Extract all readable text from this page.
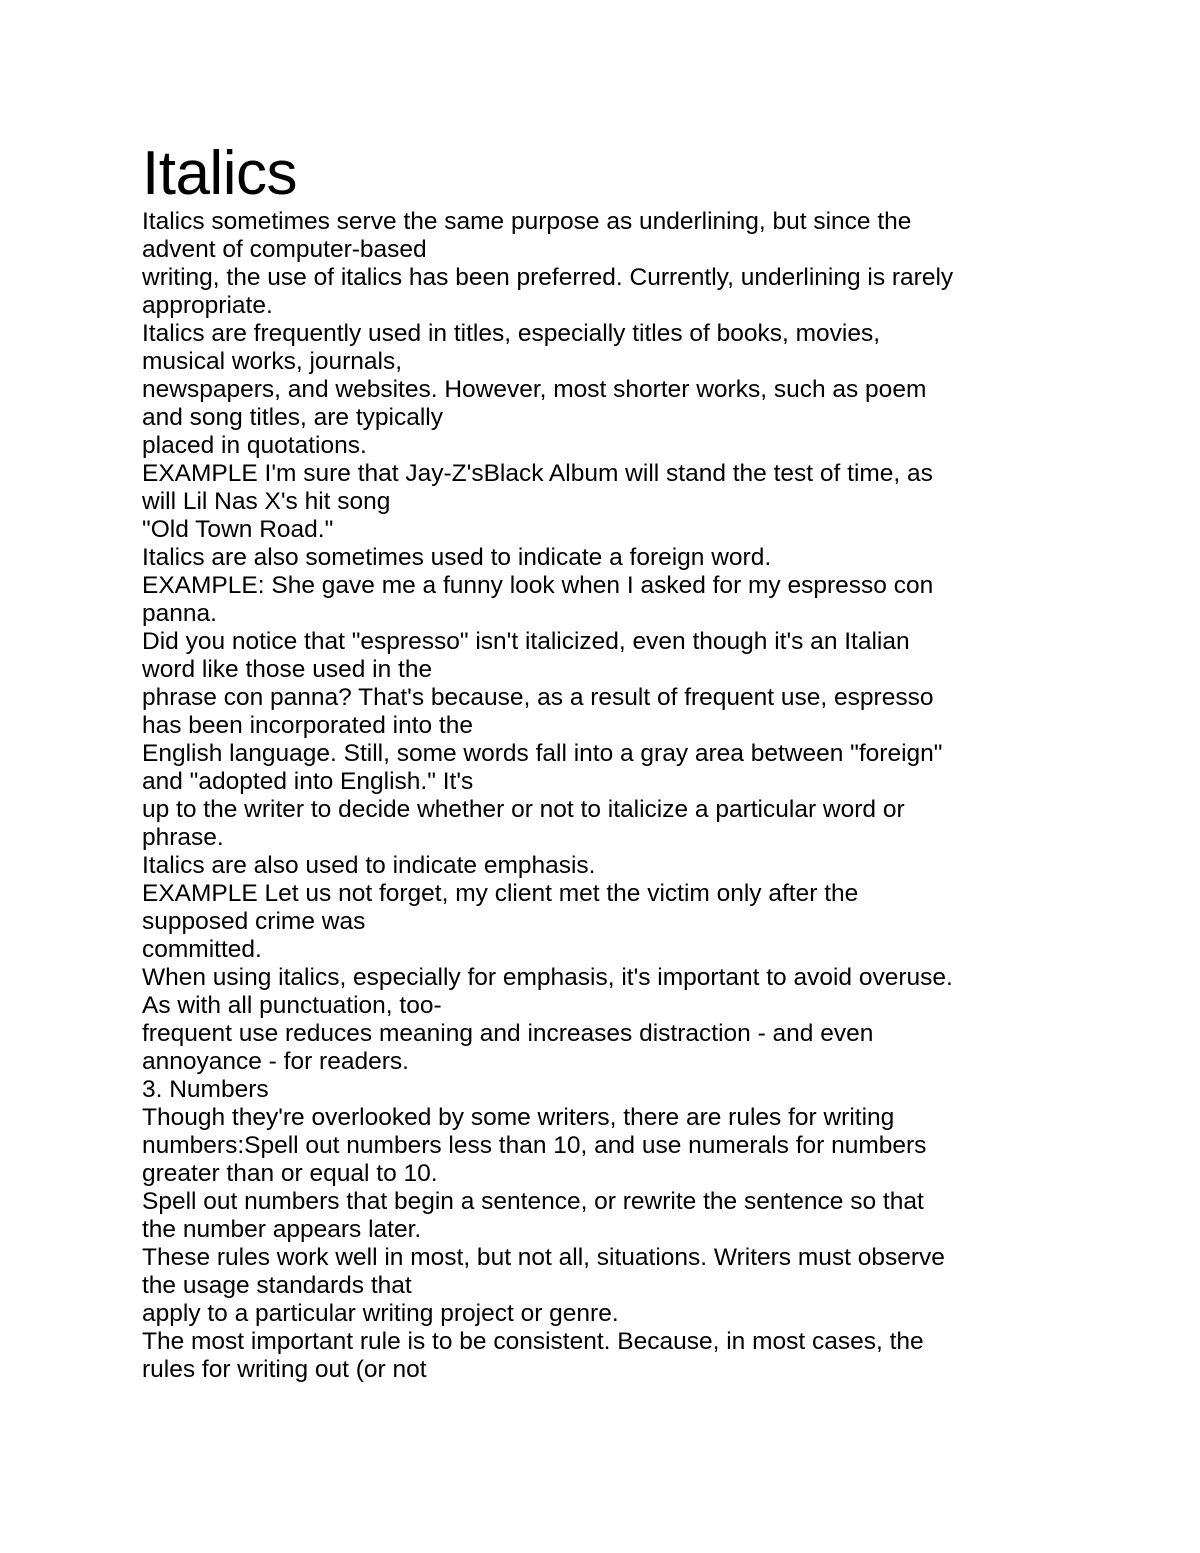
Italics
Italics sometimes serve the same purpose as underlining, but since the
advent of computer-based
writing, the use of italics has been preferred. Currently, underlining is rarely
appropriate.
Italics are frequently used in titles, especially titles of books, movies,
musical works, journals,
newspapers, and websites. However, most shorter works, such as poem
and song titles, are typically
placed in quotations.
EXAMPLE I'm sure that Jay-Z'sBlack Album will stand the test of time, as
will Lil Nas X's hit song
"Old Town Road."
Italics are also sometimes used to indicate a foreign word.
EXAMPLE: She gave me a funny look when I asked for my espresso con
panna.
Did you notice that "espresso" isn't italicized, even though it's an Italian
word like those used in the
phrase con panna? That's because, as a result of frequent use, espresso
has been incorporated into the
English language. Still, some words fall into a gray area between "foreign"
and "adopted into English." It's
up to the writer to decide whether or not to italicize a particular word or
phrase.
Italics are also used to indicate emphasis.
EXAMPLE Let us not forget, my client met the victim only after the
supposed crime was
committed.
When using italics, especially for emphasis, it's important to avoid overuse.
As with all punctuation, too-
frequent use reduces meaning and increases distraction - and even
annoyance - for readers.
3. Numbers
Though they're overlooked by some writers, there are rules for writing
numbers:Spell out numbers less than 10, and use numerals for numbers
greater than or equal to 10.
Spell out numbers that begin a sentence, or rewrite the sentence so that
the number appears later.
These rules work well in most, but not all, situations. Writers must observe
the usage standards that
apply to a particular writing project or genre.
The most important rule is to be consistent. Because, in most cases, the
rules for writing out (or not
